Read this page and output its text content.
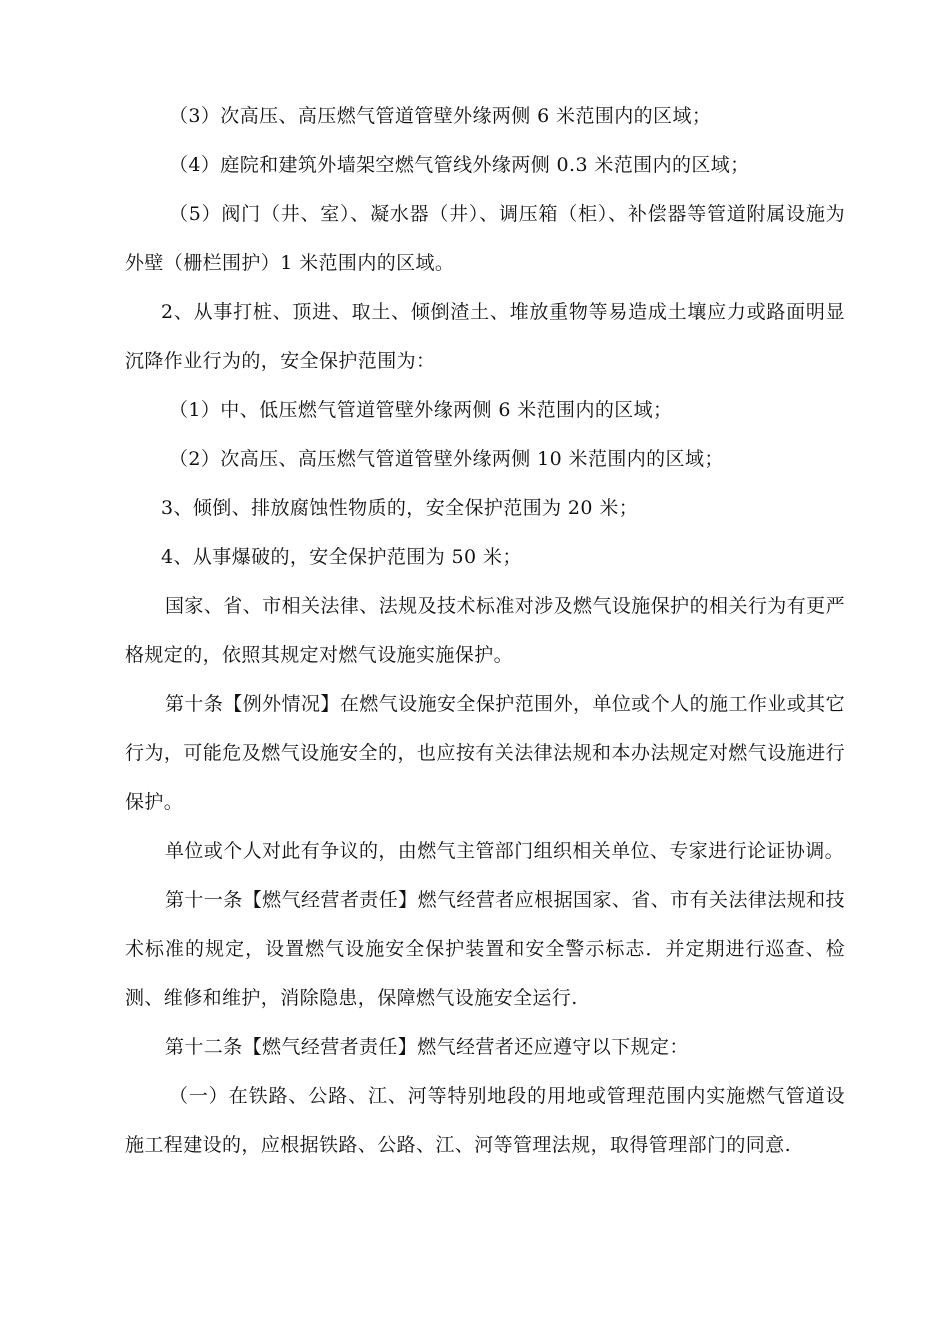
（3）次高压、高压燃气管道管壁外缘两侧 6 米范围内的区域；

（4）庭院和建筑外墙架空燃气管线外缘两侧 0.3 米范围内的区域；

（5）阀门（井、室）、凝水器（井）、调压箱（柜）、补偿器等管道附属设施为外壁（栅栏围护）1 米范围内的区域。

2、从事打桩、顶进、取土、倾倒渣土、堆放重物等易造成土壤应力或路面明显沉降作业行为的，安全保护范围为：

（1）中、低压燃气管道管壁外缘两侧 6 米范围内的区域；

（2）次高压、高压燃气管道管壁外缘两侧 10 米范围内的区域；

3、倾倒、排放腐蚀性物质的，安全保护范围为 20 米；

4、从事爆破的，安全保护范围为 50 米；

国家、省、市相关法律、法规及技术标准对涉及燃气设施保护的相关行为有更严格规定的，依照其规定对燃气设施实施保护。

第十条【例外情况】在燃气设施安全保护范围外，单位或个人的施工作业或其它行为，可能危及燃气设施安全的，也应按有关法律法规和本办法规定对燃气设施进行保护。

单位或个人对此有争议的，由燃气主管部门组织相关单位、专家进行论证协调。

第十一条【燃气经营者责任】燃气经营者应根据国家、省、市有关法律法规和技术标准的规定，设置燃气设施安全保护装置和安全警示标志．并定期进行巡查、检测、维修和维护，消除隐患，保障燃气设施安全运行.

第十二条【燃气经营者责任】燃气经营者还应遵守以下规定：

（一）在铁路、公路、江、河等特别地段的用地或管理范围内实施燃气管道设施工程建设的，应根据铁路、公路、江、河等管理法规，取得管理部门的同意.
